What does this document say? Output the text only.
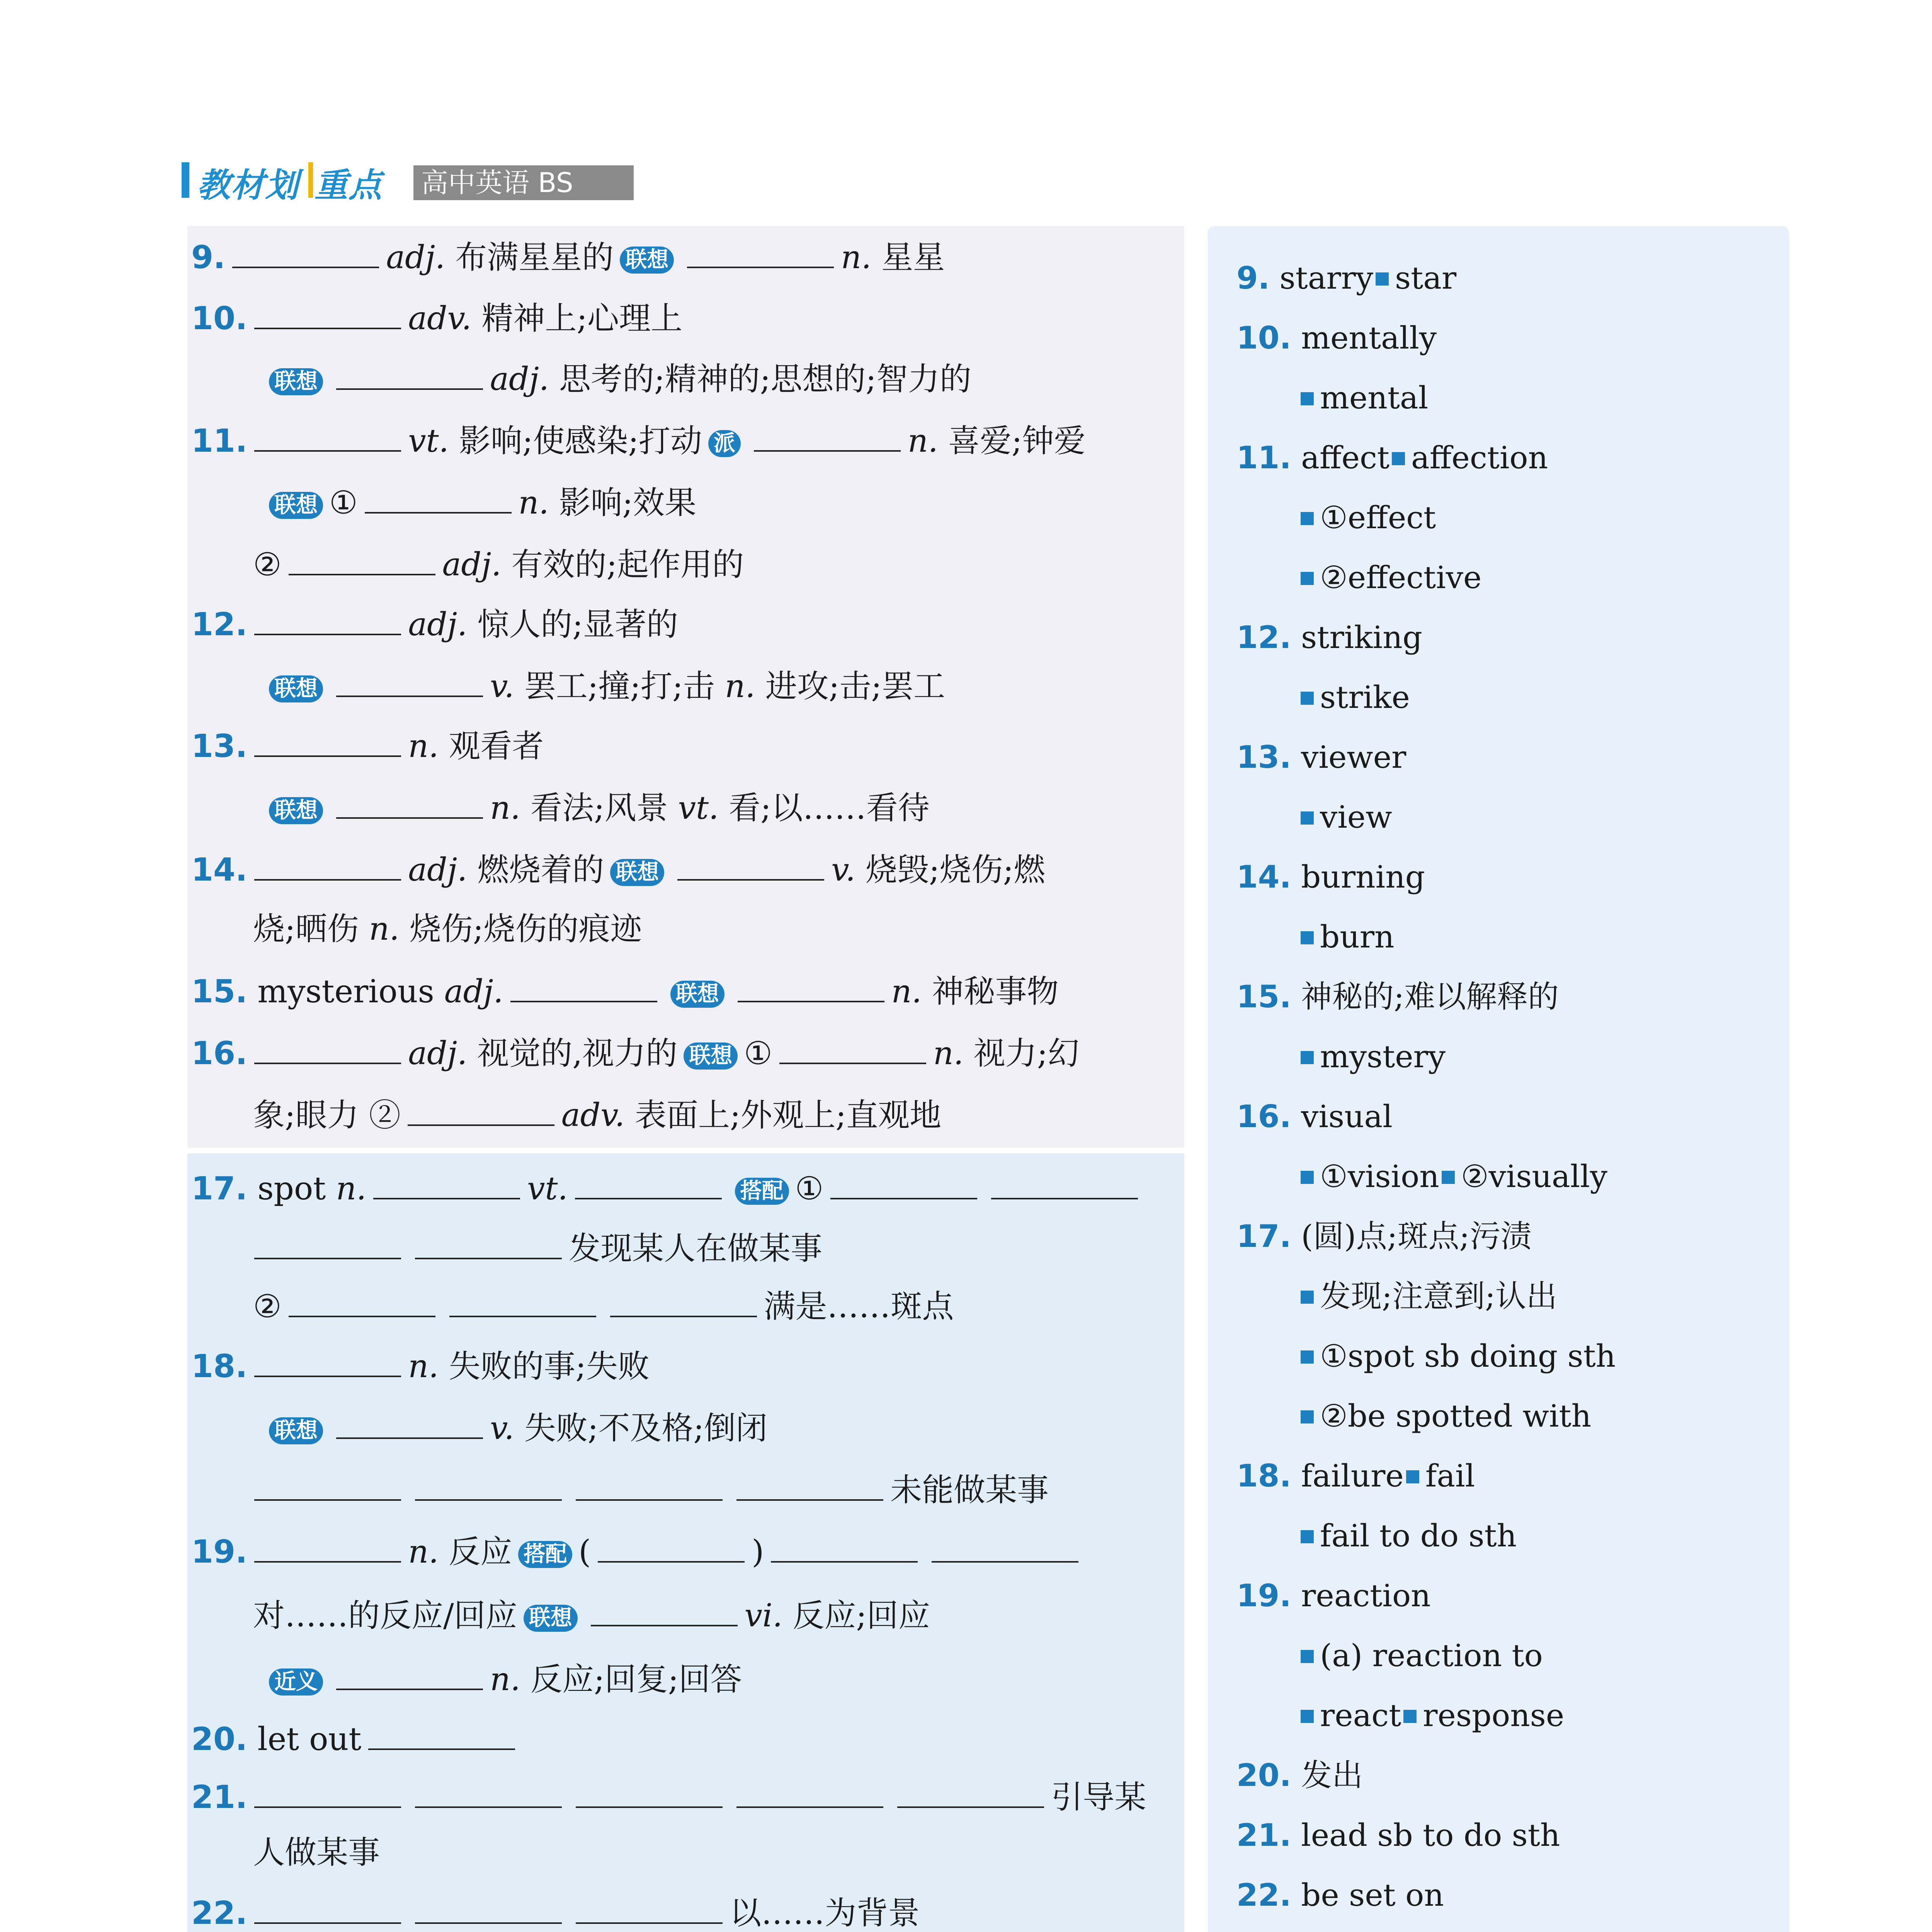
教材划 重点 高中英语 BS
9.	adj. 布满星星的 联想	n. 星星
10.	adv. 精神上;心理上
联想	adj. 思考的;精神的;思想的;智力的
11.	vt. 影响;使感染;打动 派	n. 喜爱;钟爱
联想 ①	n. 影响;效果
②	adj. 有效的;起作用的
12.	adj. 惊人的;显著的
联想	v. 罢工;撞;打;击 n. 进攻;击;罢工
13.	n. 观看者
联想	n. 看法;风景 vt. 看;以……看待
14.	adj. 燃烧着的 联想	v. 烧毁;烧伤;燃
烧;晒伤 n. 烧伤;烧伤的痕迹
15. mysterious adj.	联想	n. 神秘事物
16.	adj. 视觉的,视力的 联想 ①	n. 视力;幻
象;眼力 ②	adv. 表面上;外观上;直观地
17. spot n.	vt.	搭配 ①
发现某人在做某事
②	满是……斑点
18.	n. 失败的事;失败
联想	v. 失败;不及格;倒闭
未能做某事
19.	n. 反应 搭配 (	)
对……的反应/回应 联想	vi. 反应;回应
近义	n. 反应;回复;回答
20. let out
21.	引导某
人做某事
22.	以……为背景
9. starry star
10. mentally
mental
11. affect affection
①effect
②effective
12. striking
strike
13. viewer
view
14. burning
burn
15. 神秘的;难以解释的
mystery
16. visual
①vision ②visually
17. (圆)点;斑点;污渍
发现;注意到;认出
①spot sb doing sth
②be spotted with
18. failure fail
fail to do sth
19. reaction
(a) reaction to
react response
20. 发出
21. lead sb to do sth
22. be set on
